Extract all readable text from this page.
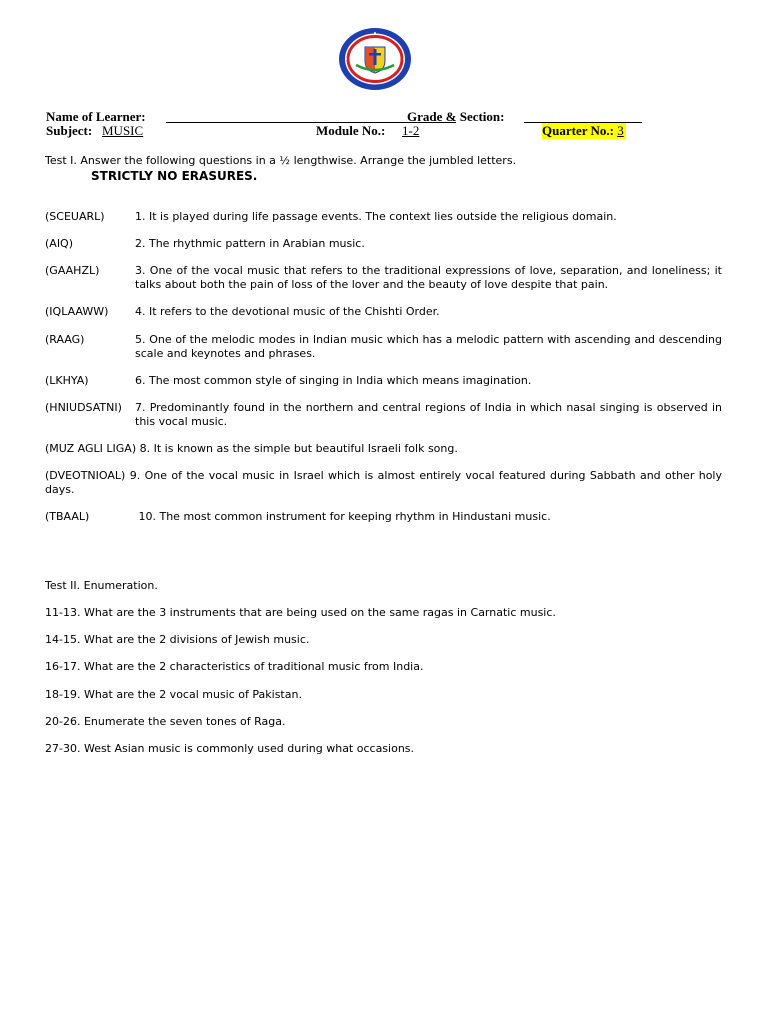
Name of Learner:	Grade & Section:
Subject: MUSIC	Module No.: 1-2	Quarter No.: 3
Test I. Answer the following questions in a ½ lengthwise. Arrange the jumbled letters.
STRICTLY NO ERASURES.
(SCEUARL)	1. It is played during life passage events. The context lies outside the religious domain.
(AIQ)	2. The rhythmic pattern in Arabian music.
(GAAHZL)	3. One of the vocal music that refers to the traditional expressions of love, separation, and loneliness; it talks about both the pain of loss of the lover and the beauty of love despite that pain.
(IQLAAWW) 4. It refers to the devotional music of the Chishti Order.
(RAAG)	5. One of the melodic modes in Indian music which has a melodic pattern with ascending and descending scale and keynotes and phrases.
(LKHYA)	6. The most common style of singing in India which means imagination.
(HNIUDSATNI) 7. Predominantly found in the northern and central regions of India in which nasal singing is observed in this vocal music.
(MUZ AGLI LIGA) 8. It is known as the simple but beautiful Israeli folk song.
(DVEOTNIOAL) 9. One of the vocal music in Israel which is almost entirely vocal featured during Sabbath and other holy days.
(TBAAL)	10. The most common instrument for keeping rhythm in Hindustani music.
Test II. Enumeration.
11-13. What are the 3 instruments that are being used on the same ragas in Carnatic music.
14-15. What are the 2 divisions of Jewish music.
16-17. What are the 2 characteristics of traditional music from India.
18-19. What are the 2 vocal music of Pakistan.
20-26. Enumerate the seven tones of Raga.
27-30. West Asian music is commonly used during what occasions.
